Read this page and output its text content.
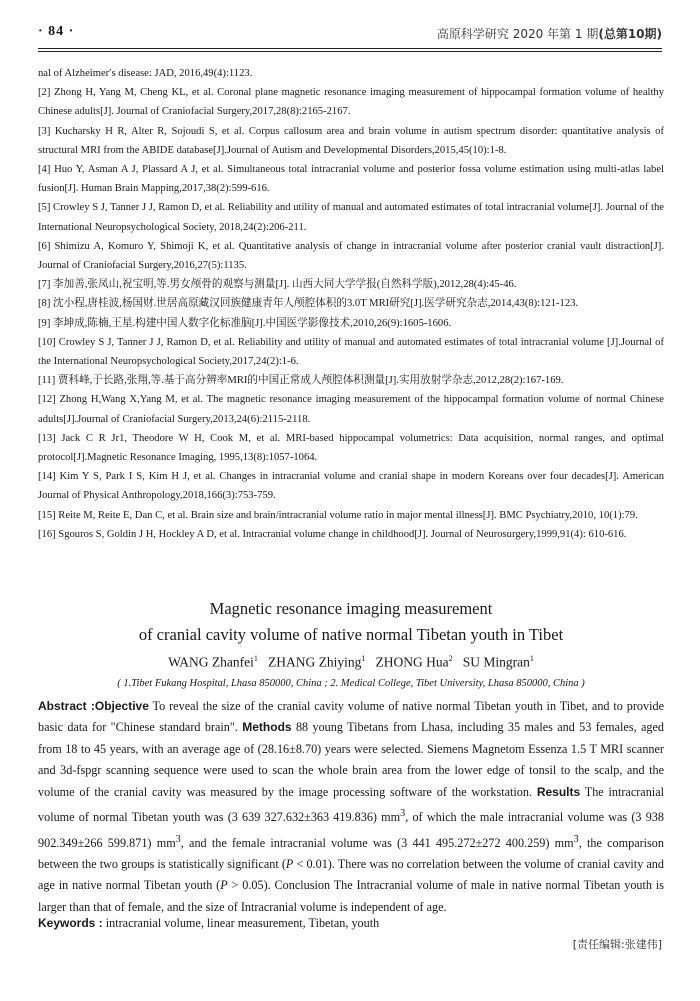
· 84 ·	高原科学研究 2020 年第 1 期(总第10期)

nal of Alzheimer′s disease: JAD, 2016,49(4):1123.

[2] Zhong H, Yang M, Cheng KL, et al. Coronal plane magnetic resonance imaging measurement of hippocampal formation volume of healthy Chinese adults[J]. Journal of Craniofacial Surgery,2017,28(8):2165-2167.

[3] Kucharsky H R, Alter R, Sojoudi S, et al. Corpus callosum area and brain volume in autism spectrum disorder: quantitative analysis of structural MRI from the ABIDE database[J].Journal of Autism and Developmental Disorders,2015,45(10):1-8.

[4] Huo Y, Asman A J, Plassard A J, et al. Simultaneous total intracranial volume and posterior fossa volume estimation using multi-atlas label fusion[J]. Human Brain Mapping,2017,38(2):599-616.

[5] Crowley S J, Tanner J J, Ramon D, et al. Reliability and utility of manual and automated estimates of total intracranial volume[J]. Journal of the International Neuropsychological Society, 2018,24(2):206-211.

[6] Shimizu A, Komuro Y, Shimoji K, et al. Quantitative analysis of change in intracranial volume after posterior cranial vault distraction[J]. Journal of Craniofacial Surgery,2016,27(5):1135.

[7] 李加善,张凤山,祝宝明,等.男女颅骨的观察与测量[J]. 山西大同大学学报(自然科学版),2012,28(4):45-46.

[8] 沈小程,唐桂波,杨国财.世居高原藏汉回族健康青年人颅腔体积的3.0T MRI研究[J].医学研究杂志,2014,43(8):121-123.

[9] 李坤成,陈楠,王星.构建中国人数字化标准脑[J].中国医学影像技术,2010,26(9):1605-1606.

[10] Crowley S J, Tanner J J, Ramon D, et al. Reliability and utility of manual and automated estimates of total intracranial volume [J].Journal of the International Neuropsychological Society,2017,24(2):1-6.

[11] 贾科峰,于长路,张翔,等.基于高分辨率MRI的中国正常成人颅腔体积测量[J].实用放射学杂志,2012,28(2):167-169.

[12] Zhong H,Wang X,Yang M, et al. The magnetic resonance imaging measurement of the hippocampal formation volume of normal Chinese adults[J].Journal of Craniofacial Surgery,2013,24(6):2115-2118.

[13] Jack C R Jr1, Theodore W H, Cook M, et al. MRI-based hippocampal volumetrics: Data acquisition, normal ranges, and optimal protocol[J].Magnetic Resonance Imaging, 1995,13(8):1057-1064.

[14] Kim Y S, Park I S, Kim H J, et al. Changes in intracranial volume and cranial shape in modern Koreans over four decades[J]. American Journal of Physical Anthropology,2018,166(3):753-759.

[15] Reite M, Reite E, Dan C, et al. Brain size and brain/intracranial volume ratio in major mental illness[J]. BMC Psychiatry,2010, 10(1):79.

[16] Sgouros S, Goldin J H, Hockley A D, et al. Intracranial volume change in childhood[J]. Journal of Neurosurgery,1999,91(4): 610-616.

Magnetic resonance imaging measurement
of cranial cavity volume of native normal Tibetan youth in Tibet
WANG Zhanfei$^1$ ZHANG Zhiying$^1$ ZHONG Hua$^2$ SU Mingran$^1$
( 1.Tibet Fukang Hospital, Lhasa 850000, China ; 2. Medical College, Tibet University, Lhasa 850000, China )
Abstract :Objective To reveal the size of the cranial cavity volume of native normal Tibetan youth in Tibet, and to provide basic data for "Chinese standard brain". Methods 88 young Tibetans from Lhasa, including 35 males and 53 females, aged from 18 to 45 years, with an average age of (28.16±8.70) years were selected. Siemens Magnetom Essenza 1.5 T MRI scanner and 3d-fspgr scanning sequence were used to scan the whole brain area from the lower edge of tonsil to the scalp, and the volume of the cranial cavity was measured by the image processing software of the workstation. Results The intracranial volume of normal Tibetan youth was (3 639 327.632±363 419.836) $mm^3$, of which the male intracranial volume was (3 938 902.349±266 599.871) $mm^3$, and the female intracranial volume was (3 441 495.272±272 400.259) $mm^3$, the comparison between the two groups is statistically significant (P < 0.01). There was no correlation between the volume of cranial cavity and age in native normal Tibetan youth (P > 0.05). Conclusion The Intracranial volume of male in native normal Tibetan youth is larger than that of female, and the size of Intracranial volume is independent of age.
Keywords : intracranial volume, linear measurement, Tibetan, youth
[责任编辑:张建伟]
